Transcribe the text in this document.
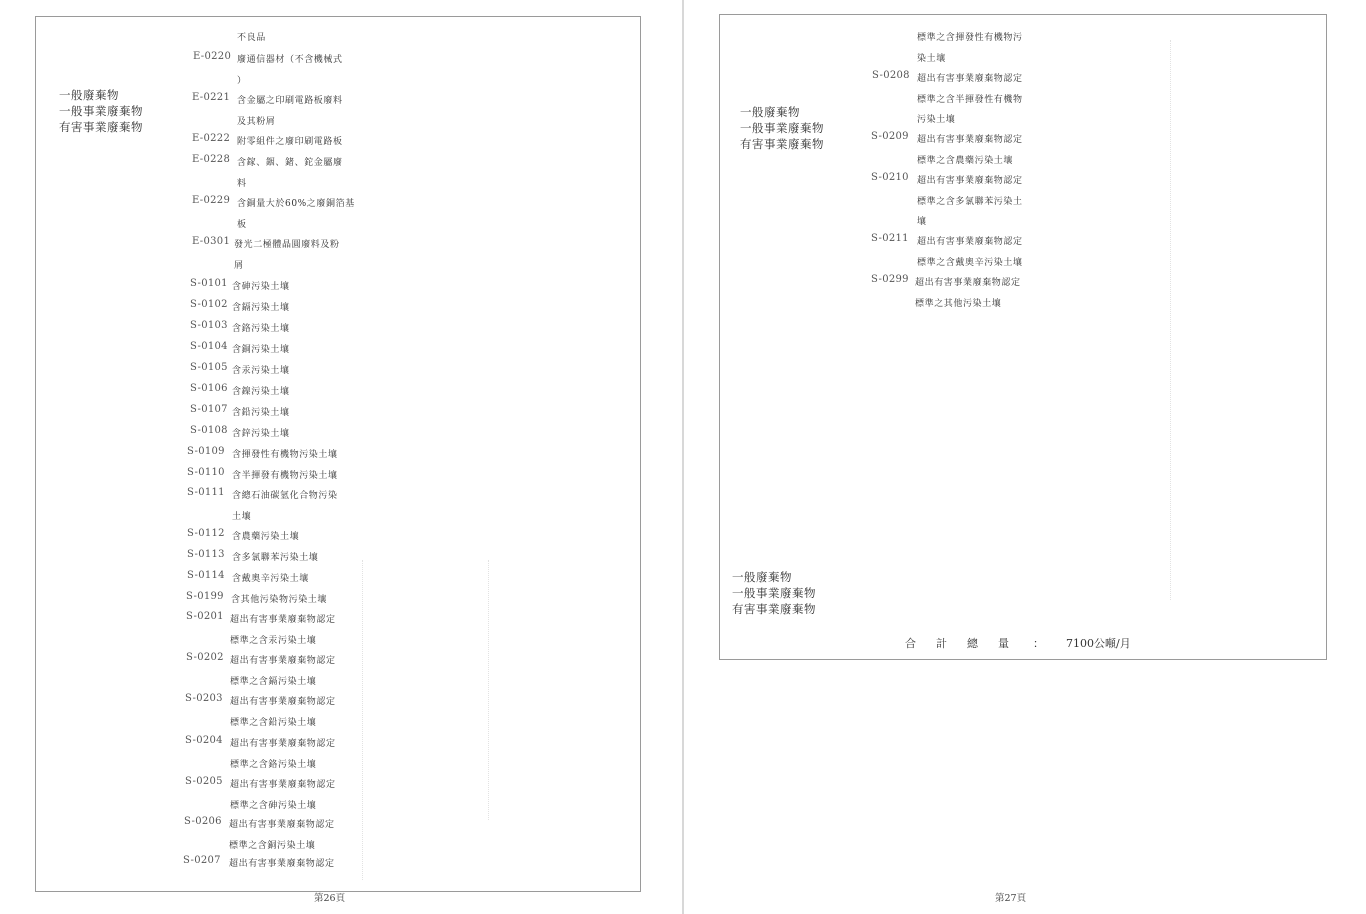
一般廢棄物
一般事業廢棄物
有害事業廢棄物
不良品
E-0220 廢通信器材（不含機械式
）
E-0221 含金屬之印刷電路板廢料
及其粉屑
E-0222 附零組件之廢印刷電路板
E-0228 含鎵、銦、鍺、鉈金屬廢
料
E-0229 含銅量大於60%之廢銅箔基
板
E-0301 發光二極體晶圓廢料及粉
屑
S-0101 含砷污染土壤
S-0102 含鎘污染土壤
S-0103 含鉻污染土壤
S-0104 含銅污染土壤
S-0105 含汞污染土壤
S-0106 含鎳污染土壤
S-0107 含鉛污染土壤
S-0108 含鋅污染土壤
S-0109 含揮發性有機物污染土壤
S-0110 含半揮發有機物污染土壤
S-0111 含總石油碳氫化合物污染
土壤
S-0112 含農藥污染土壤
S-0113 含多氯聯苯污染土壤
S-0114 含戴奧辛污染土壤
S-0199 含其他污染物污染土壤
S-0201 超出有害事業廢棄物認定
標準之含汞污染土壤
S-0202 超出有害事業廢棄物認定
標準之含鎘污染土壤
S-0203 超出有害事業廢棄物認定
標準之含鉛污染土壤
S-0204 超出有害事業廢棄物認定
標準之含鉻污染土壤
S-0205 超出有害事業廢棄物認定
標準之含砷污染土壤
S-0206 超出有害事業廢棄物認定
標準之含銅污染土壤
S-0207 超出有害事業廢棄物認定
第26頁
一般廢棄物
一般事業廢棄物
有害事業廢棄物
標準之含揮發性有機物污
染土壤
S-0208 超出有害事業廢棄物認定
標準之含半揮發性有機物
污染土壤
S-0209 超出有害事業廢棄物認定
標準之含農藥污染土壤
S-0210 超出有害事業廢棄物認定
標準之含多氯聯苯污染土
壤
S-0211 超出有害事業廢棄物認定
標準之含戴奧辛污染土壤
S-0299 超出有害事業廢棄物認定
標準之其他污染土壤
一般廢棄物
一般事業廢棄物
有害事業廢棄物
合計總量 ： 7100公噸/月
第27頁
